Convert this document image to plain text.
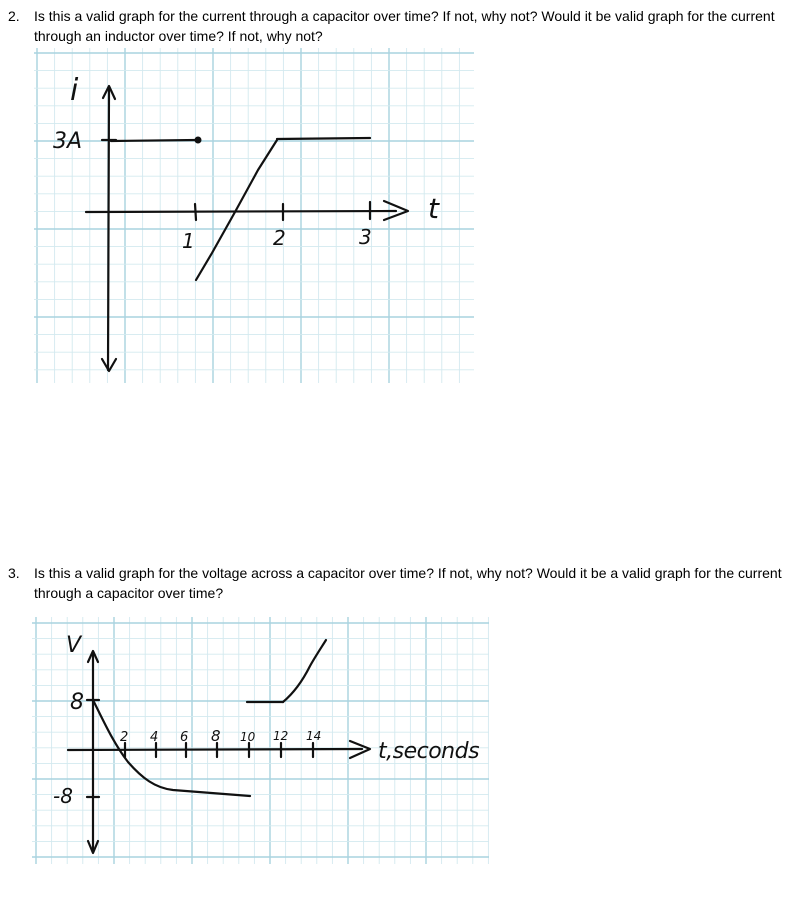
2.	Is this a valid graph for the current through a capacitor over time? If not, why not? Would it be valid graph for the current through an inductor over time? If not, why not?
3.	Is this a valid graph for the voltage across a capacitor over time? If not, why not? Would it be a valid graph for the current through a capacitor over time?
i
t
3A
1	2	3
V
t,seconds
8
-8
2 4 6 8 10 12 14
